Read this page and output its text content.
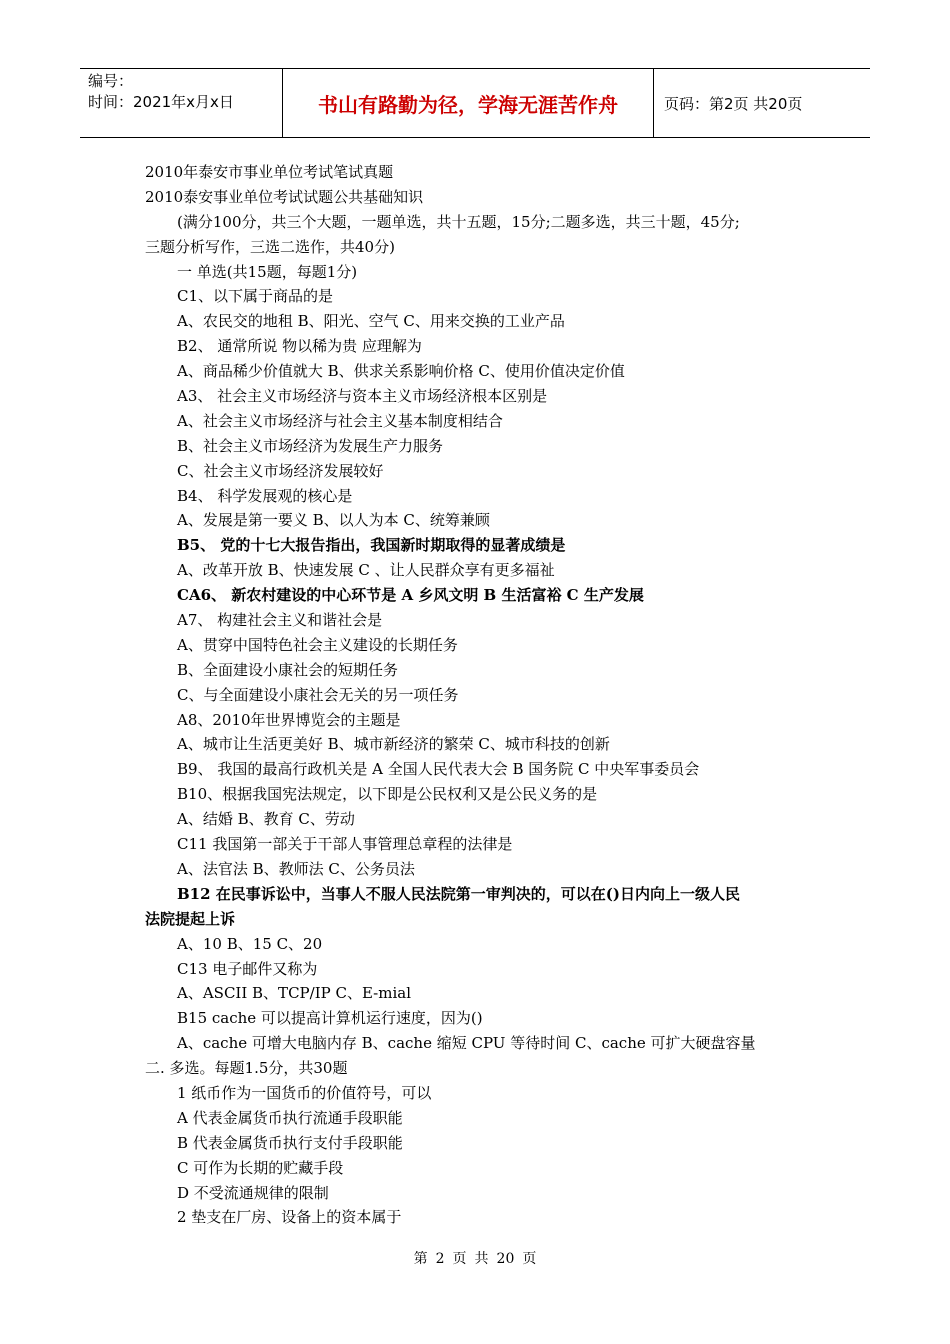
编号：
时间：2021年x月x日	书山有路勤为径，学海无涯苦作舟	页码：第2页 共20页
2010年泰安市事业单位考试笔试真题
2010泰安事业单位考试试题公共基础知识
(满分100分，共三个大题，一题单选，共十五题，15分;二题多选，共三十题，45分;
三题分析写作，三选二选作，共40分)
一 单选(共15题，每题1分)
C1、以下属于商品的是
A、农民交的地租 B、阳光、空气 C、用来交换的工业产品
B2、 通常所说 物以稀为贵 应理解为
A、商品稀少价值就大 B、供求关系影响价格 C、使用价值决定价值
A3、 社会主义市场经济与资本主义市场经济根本区别是
A、社会主义市场经济与社会主义基本制度相结合
B、社会主义市场经济为发展生产力服务
C、社会主义市场经济发展较好
B4、 科学发展观的核心是
A、发展是第一要义 B、以人为本 C、统筹兼顾
B5、 党的十七大报告指出，我国新时期取得的显著成绩是
A、改革开放 B、快速发展 C 、让人民群众享有更多福祉
CA6、 新农村建设的中心环节是 A 乡风文明 B 生活富裕 C 生产发展
A7、 构建社会主义和谐社会是
A、贯穿中国特色社会主义建设的长期任务
B、全面建设小康社会的短期任务
C、与全面建设小康社会无关的另一项任务
A8、2010年世界博览会的主题是
A、城市让生活更美好 B、城市新经济的繁荣 C、城市科技的创新
B9、 我国的最高行政机关是 A 全国人民代表大会 B 国务院 C 中央军事委员会
B10、根据我国宪法规定，以下即是公民权利又是公民义务的是
A、结婚 B、教育 C、劳动
C11 我国第一部关于干部人事管理总章程的法律是
A、法官法 B、教师法 C、公务员法
B12 在民事诉讼中，当事人不服人民法院第一审判决的，可以在()日内向上一级人民
法院提起上诉
A、10 B、15 C、20
C13 电子邮件又称为
A、ASCII B、TCP/IP C、E-mial
B15 cache 可以提高计算机运行速度，因为()
A、cache 可增大电脑内存 B、cache 缩短 CPU 等待时间 C、cache 可扩大硬盘容量
二. 多选。每题1.5分，共30题
1 纸币作为一国货币的价值符号，可以
A 代表金属货币执行流通手段职能
B 代表金属货币执行支付手段职能
C 可作为长期的贮藏手段
D 不受流通规律的限制
2 垫支在厂房、设备上的资本属于
第 2 页 共 20 页
